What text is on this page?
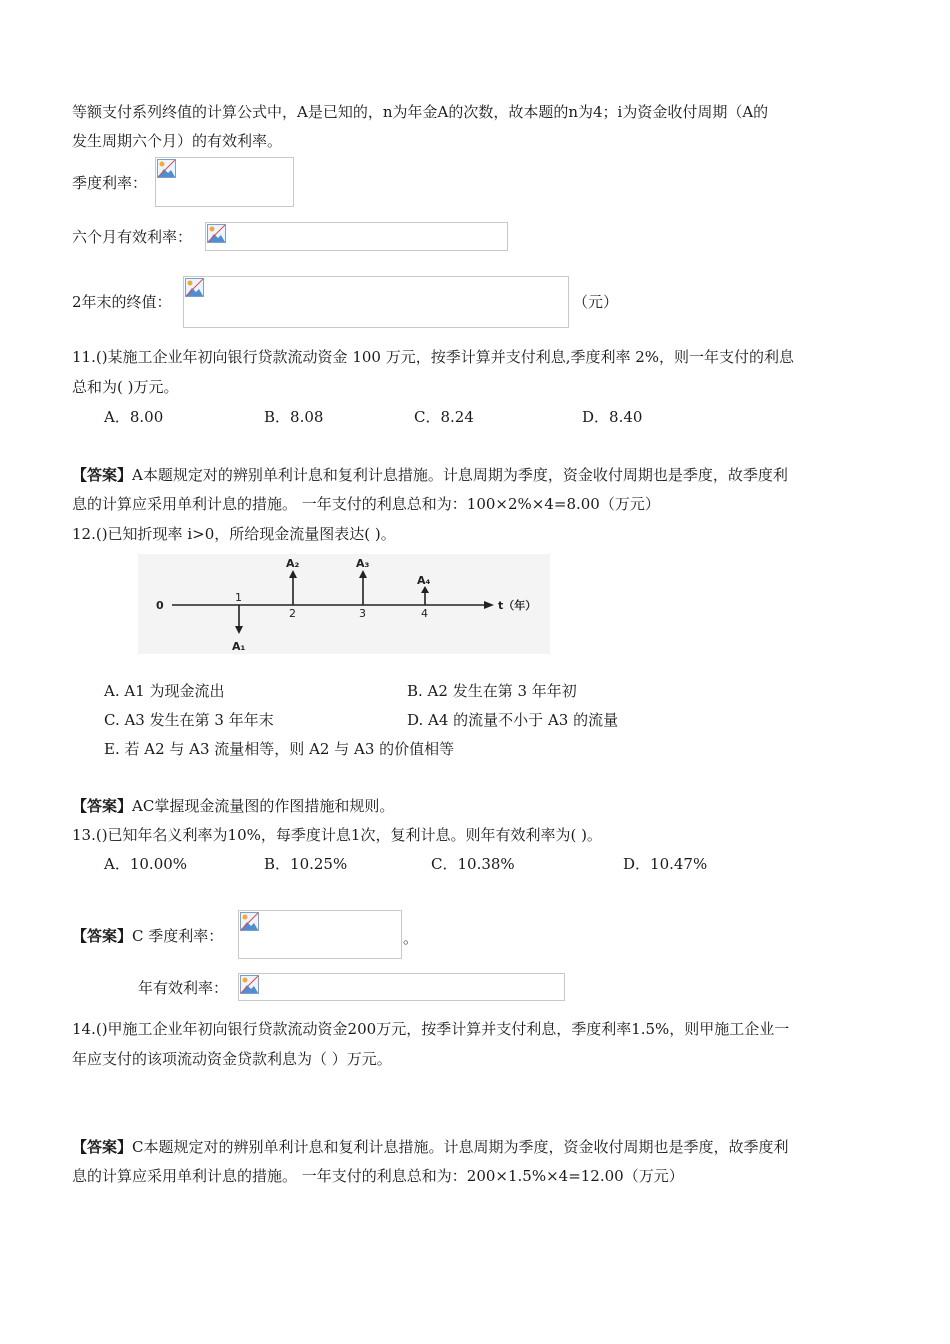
等额支付系列终值的计算公式中，A是已知的，n为年金A的次数，故本题的n为4；i为资金收付周期（A的
发生周期六个月）的有效利率。
季度利率：
六个月有效利率：
2年末的终值：	（元）
11.()某施工企业年初向银行贷款流动资金 100 万元，按季计算并支付利息,季度利率 2%，则一年支付的利息
总和为( )万元。
A．8.00	B．8.08	C．8.24	D．8.40
【答案】A本题规定对的辨别单利计息和复利计息措施。计息周期为季度，资金收付周期也是季度，故季度利
息的计算应采用单利计息的措施。 一年支付的利息总和为：100×2%×4=8.00（万元）
12.()已知折现率 i>0，所给现金流量图表达( )。
0
1
2	3	4
t（年）
A₁
A₂	A₃
A₄
A. A1 为现金流出	B. A2 发生在第 3 年年初
C. A3 发生在第 3 年年末	D. A4 的流量不小于 A3 的流量
E. 若 A2 与 A3 流量相等，则 A2 与 A3 的价值相等
【答案】AC掌握现金流量图的作图措施和规则。
13.()已知年名义利率为10%，每季度计息1次，复利计息。则年有效利率为( )。
A．10.00%	B．10.25%	C．10.38%	D．10.47%
【答案】C 季度利率：	。
年有效利率：
14.()甲施工企业年初向银行贷款流动资金200万元，按季计算并支付利息，季度利率1.5%，则甲施工企业一
年应支付的该项流动资金贷款利息为（ ）万元。
【答案】C本题规定对的辨别单利计息和复利计息措施。计息周期为季度，资金收付周期也是季度，故季度利
息的计算应采用单利计息的措施。 一年支付的利息总和为：200×1.5%×4=12.00（万元）
